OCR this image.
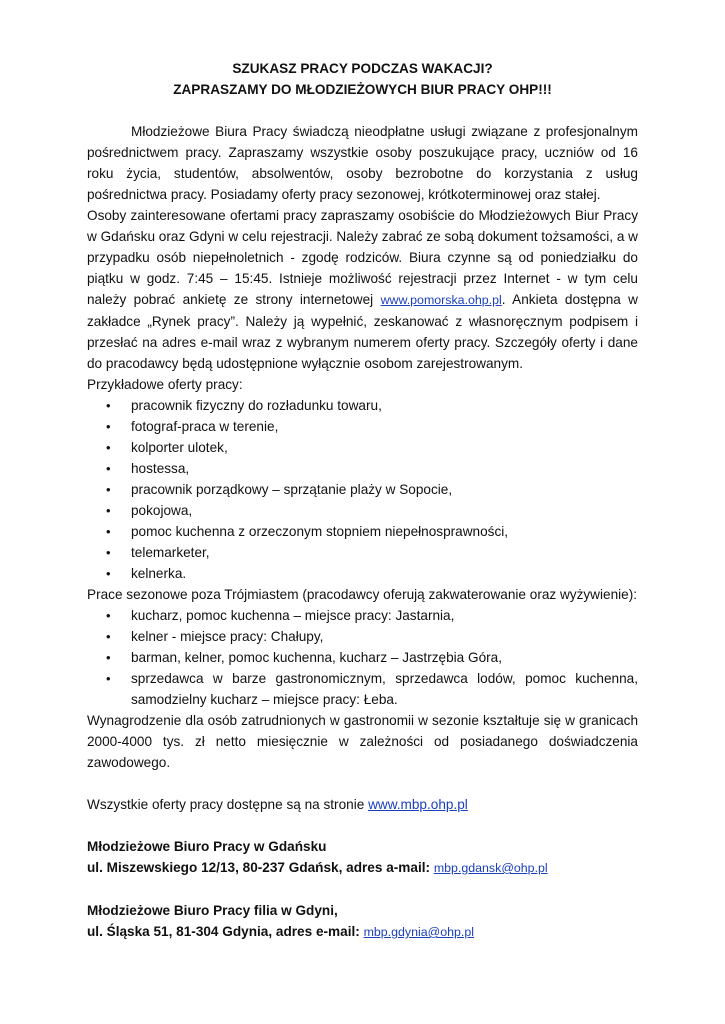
SZUKASZ PRACY PODCZAS WAKACJI?

ZAPRASZAMY DO MŁODZIEŻOWYCH BIUR PRACY OHP!!!

Młodzieżowe Biura Pracy świadczą nieodpłatne usługi związane z profesjonalnym pośrednictwem pracy. Zapraszamy wszystkie osoby poszukujące pracy, uczniów od 16 roku życia, studentów, absolwentów, osoby bezrobotne do korzystania z usług pośrednictwa pracy. Posiadamy oferty pracy sezonowej, krótkoterminowej oraz stałej.

Osoby zainteresowane ofertami pracy zapraszamy osobiście do Młodzieżowych Biur Pracy w Gdańsku oraz Gdyni w celu rejestracji. Należy zabrać ze sobą dokument tożsamości, a w przypadku osób niepełnoletnich - zgodę rodziców. Biura czynne są od poniedziałku do piątku w godz. 7:45 – 15:45. Istnieje możliwość rejestracji przez Internet - w tym celu należy pobrać ankietę ze strony internetowej www.pomorska.ohp.pl. Ankieta dostępna w zakładce „Rynek pracy”. Należy ją wypełnić, zeskanować z własnoręcznym podpisem i przesłać na adres e-mail wraz z wybranym numerem oferty pracy. Szczegóły oferty i dane do pracodawcy będą udostępnione wyłącznie osobom zarejestrowanym.

Przykładowe oferty pracy:

• pracownik fizyczny do rozładunku towaru,
• fotograf-praca w terenie,
• kolporter ulotek,
• hostessa,
• pracownik porządkowy – sprzątanie plaży w Sopocie,
• pokojowa,
• pomoc kuchenna z orzeczonym stopniem niepełnosprawności,
• telemarketer,
• kelnerka.

Prace sezonowe poza Trójmiastem (pracodawcy oferują zakwaterowanie oraz wyżywienie):

• kucharz, pomoc kuchenna – miejsce pracy: Jastarnia,
• kelner - miejsce pracy: Chałupy,
• barman, kelner, pomoc kuchenna, kucharz – Jastrzębia Góra,
• sprzedawca w barze gastronomicznym, sprzedawca lodów, pomoc kuchenna, samodzielny kucharz – miejsce pracy: Łeba.

Wynagrodzenie dla osób zatrudnionych w gastronomii w sezonie kształtuje się w granicach 2000-4000 tys. zł netto miesięcznie w zależności od posiadanego doświadczenia zawodowego.

Wszystkie oferty pracy dostępne są na stronie www.mbp.ohp.pl

Młodzieżowe Biuro Pracy w Gdańsku

ul. Miszewskiego 12/13, 80-237 Gdańsk, adres a-mail: mbp.gdansk@ohp.pl

Młodzieżowe Biuro Pracy filia w Gdyni,

ul. Śląska 51, 81-304 Gdynia, adres e-mail: mbp.gdynia@ohp.pl
